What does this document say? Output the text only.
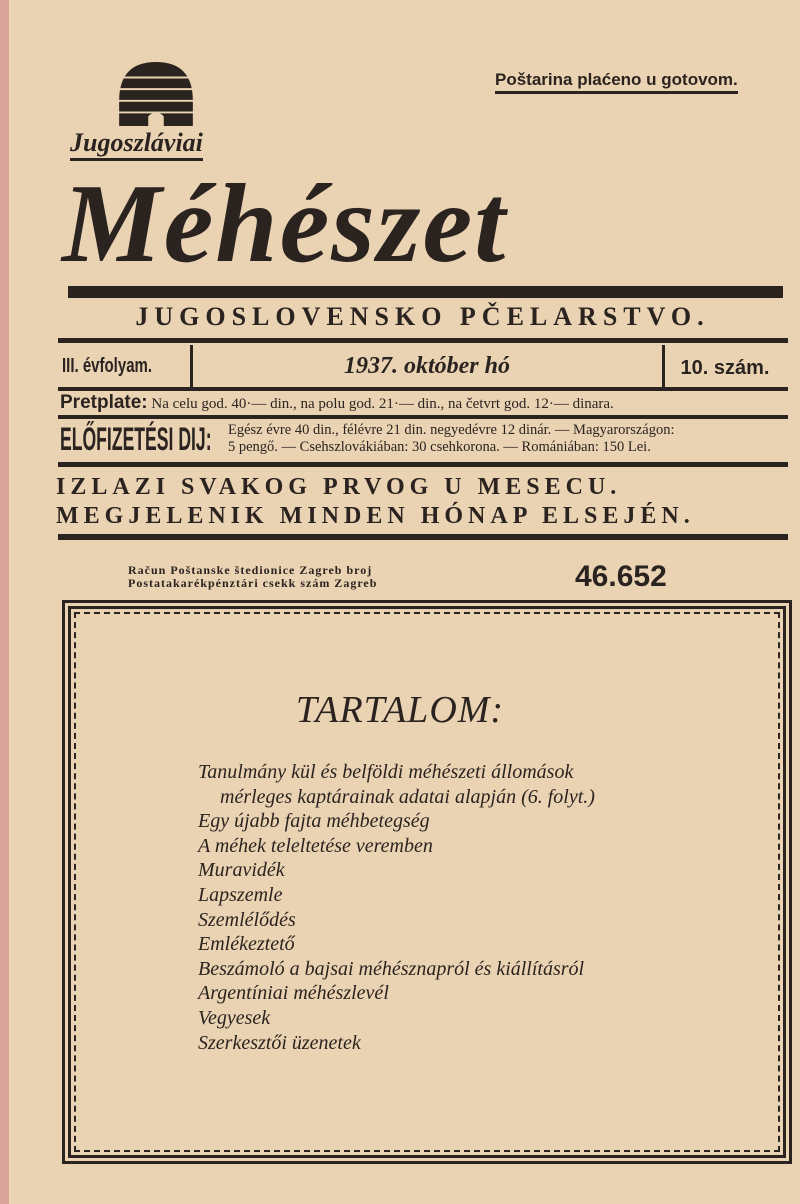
Poštarina plaćeno u gotovom.
Jugoszláviai
Méhészet
JUGOSLOVENSKO PČELARSTVO.
III. évfolyam.	1937. október hó	10. szám.
Pretplate: Na celu god. 40·— din., na polu god. 21·— din., na četvrt god. 12·— dinara.
ELŐFIZETÉSI DIJ: Egész évre 40 din., félévre 21 din. negyedévre 12 dinár. — Magyarországon:
5 pengő. — Csehszlovákiában: 30 csehkorona. — Romániában: 150 Lei.
IZLAZI SVAKOG PRVOG U MESECU.
MEGJELENIK MINDEN HÓNAP ELSEJÉN.
Račun Poštanske štedionice Zagreb broj
Postatakarékpénztári csekk szám Zagreb	46.652
TARTALOM:
Tanulmány kül és belföldi méhészeti állomások
mérleges kaptárainak adatai alapján (6. folyt.)
Egy újabb fajta méhbetegség
A méhek teleltetése veremben
Muravidék
Lapszemle
Szemlélődés
Emlékeztető
Beszámoló a bajsai méhésznapról és kiállításról
Argentíniai méhészlevél
Vegyesek
Szerkesztői üzenetek
